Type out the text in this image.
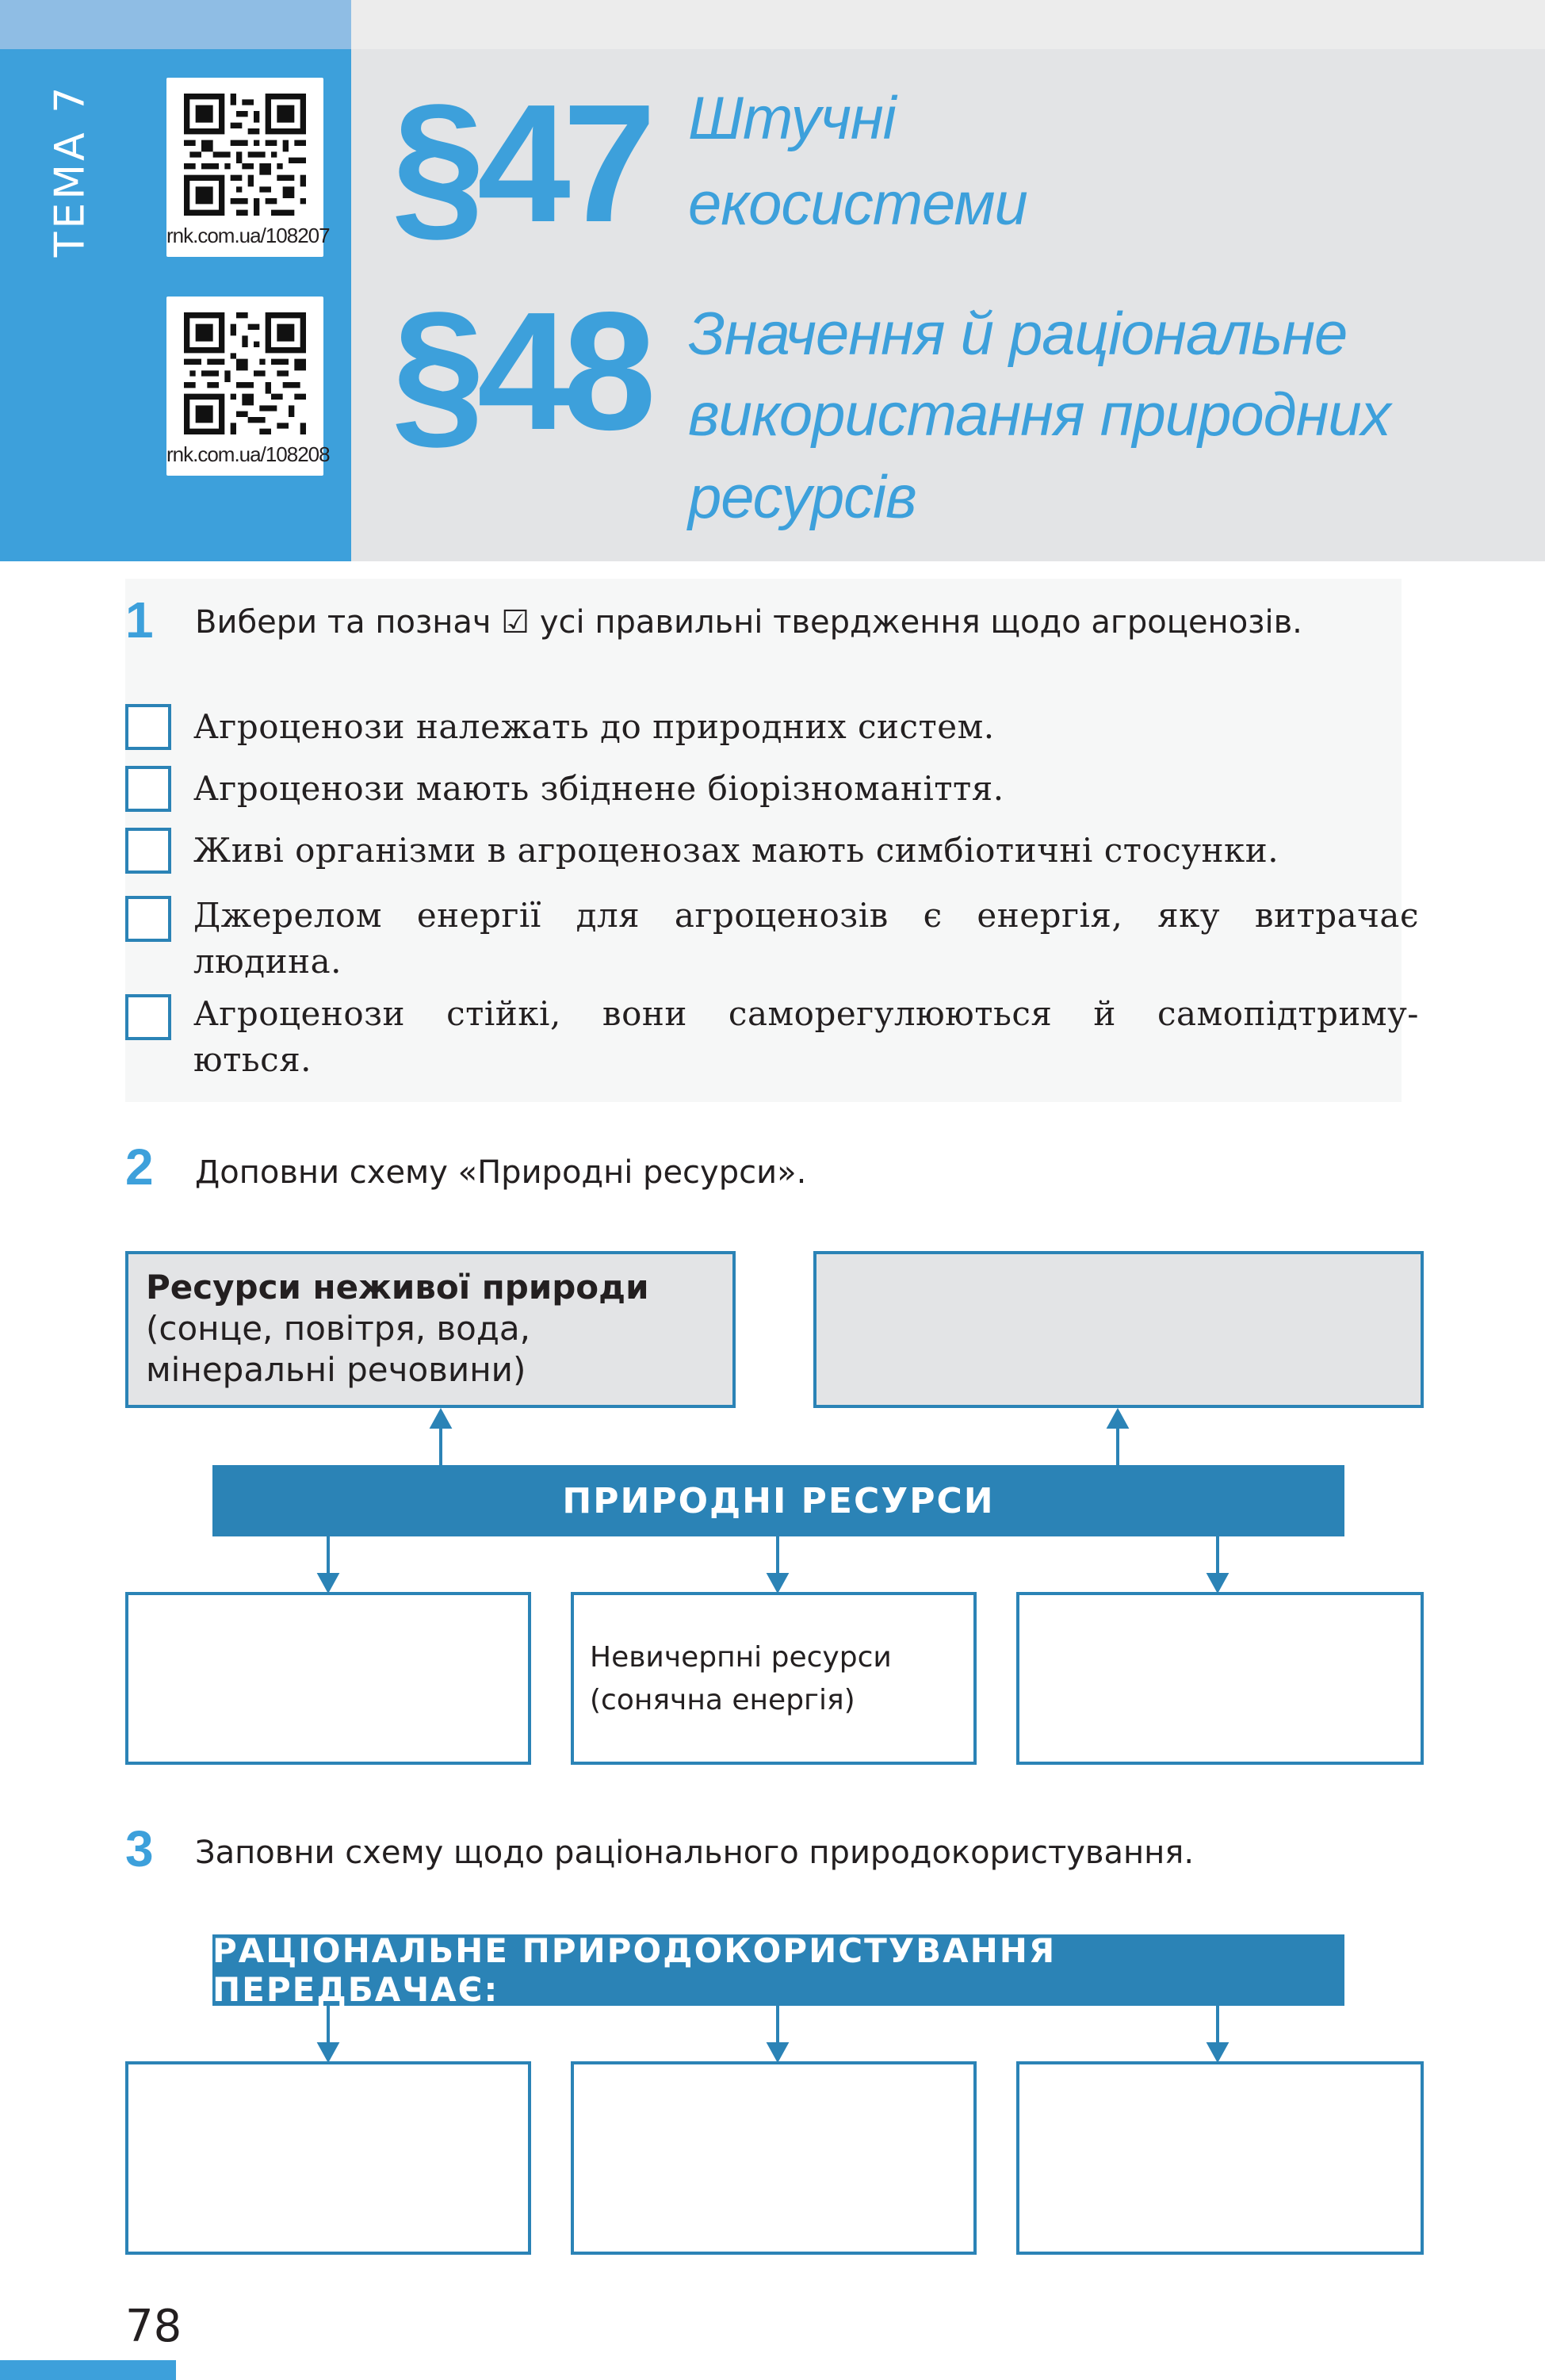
ТЕМА 7	rnk.com.ua/108207
rnk.com.ua/108208
§47 Штучні
екосистеми
§48 Значення й раціональне
використання природних
ресурсів
1 Вибери та познач ☑ усі правильні твердження щодо агроценозів.
Агроценози належать до природних систем.
Агроценози мають збіднене біорізноманіття.
Живі організми в агроценозах мають симбіотичні стосунки.
Джерелом енергії для агроценозів є енергія, яку витрачає
людина.
Агроценози стійкі, вони саморегулюються й самопідтриму-
ються.
2 Доповни схему «Природні ресурси».
Ресурси неживої природи
(сонце, повітря, вода,
мінеральні речовини)
ПРИРОДНІ РЕСУРСИ
Невичерпні ресурси
(сонячна енергія)
3 Заповни схему щодо раціонального природокористування.
РАЦІОНАЛЬНЕ ПРИРОДОКОРИСТУВАННЯ ПЕРЕДБАЧАЄ:
78
